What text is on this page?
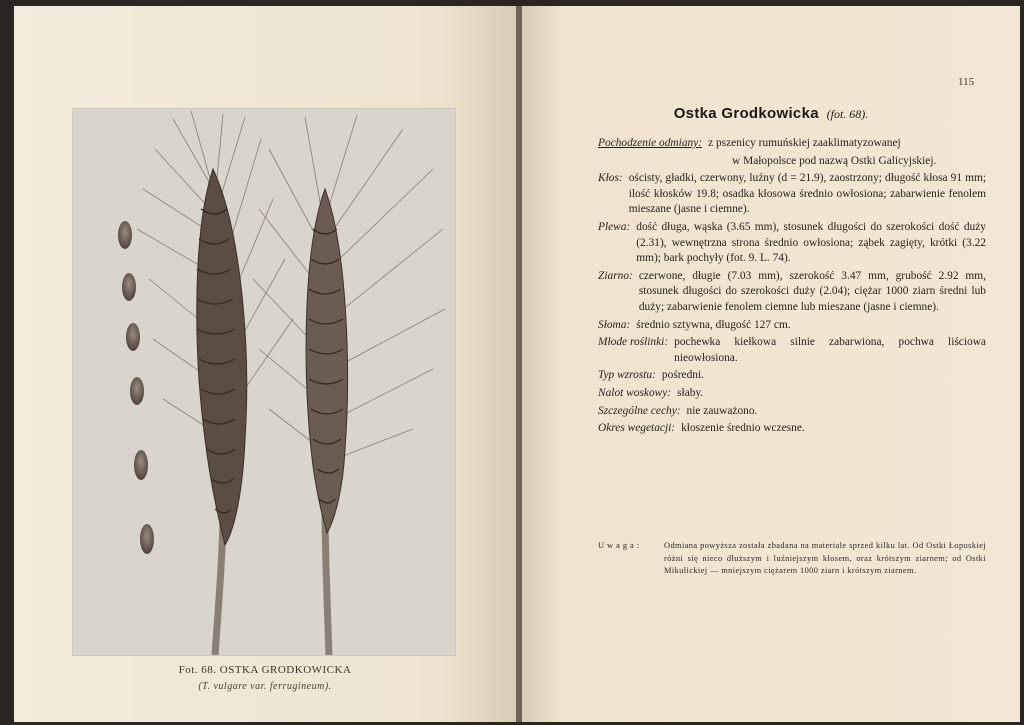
Fot. 68. OSTKA GRODKOWICKA
(T. vulgare var. ferrugineum).
115
Ostka Grodkowicka (fot. 68).
Pochodzenie odmiany: z pszenicy rumuńskiej zaaklimatyzowanej
w Małopolsce pod nazwą Ostki Galicyjskiej.
Kłos: ościsty, gładki, czerwony, luźny (d = 21.9), zaostrzony; długość kłosa 91 mm; ilość kłosków 19.8; osadka kłosowa średnio owłosiona; zabarwienie fenolem mieszane (jasne i ciemne).
Plewa: dość długa, wąska (3.65 mm), stosunek długości do szerokości dość duży (2.31), wewnętrzna strona średnio owłosiona; ząbek zagięty, krótki (3.22 mm); bark pochyły (fot. 9. L. 74).
Ziarno: czerwone, długie (7.03 mm), szerokość 3.47 mm, grubość 2.92 mm, stosunek długości do szerokości duży (2.04); ciężar 1000 ziarn średni lub duży; zabarwienie fenolem ciemne lub mieszane (jasne i ciemne).
Słoma: średnio sztywna, długość 127 cm.
Młode roślinki: pochewka kiełkowa silnie zabarwiona, pochwa liściowa nieowłosiona.
Typ wzrostu: pośredni.
Nalot woskowy: słaby.
Szczególne cechy: nie zauważono.
Okres wegetacji: kłoszenie średnio wczesne.
Uwaga:	Odmiana powyższa została zbadana na materiale sprzed kilku lat. Od Ostki Łopuskiej różni się nieco dłuższym i luźniejszym kłosem, oraz krótszym ziarnem; od Ostki Mikulickiej — mniejszym ciężarem 1000 ziarn i krótszym ziarnem.
